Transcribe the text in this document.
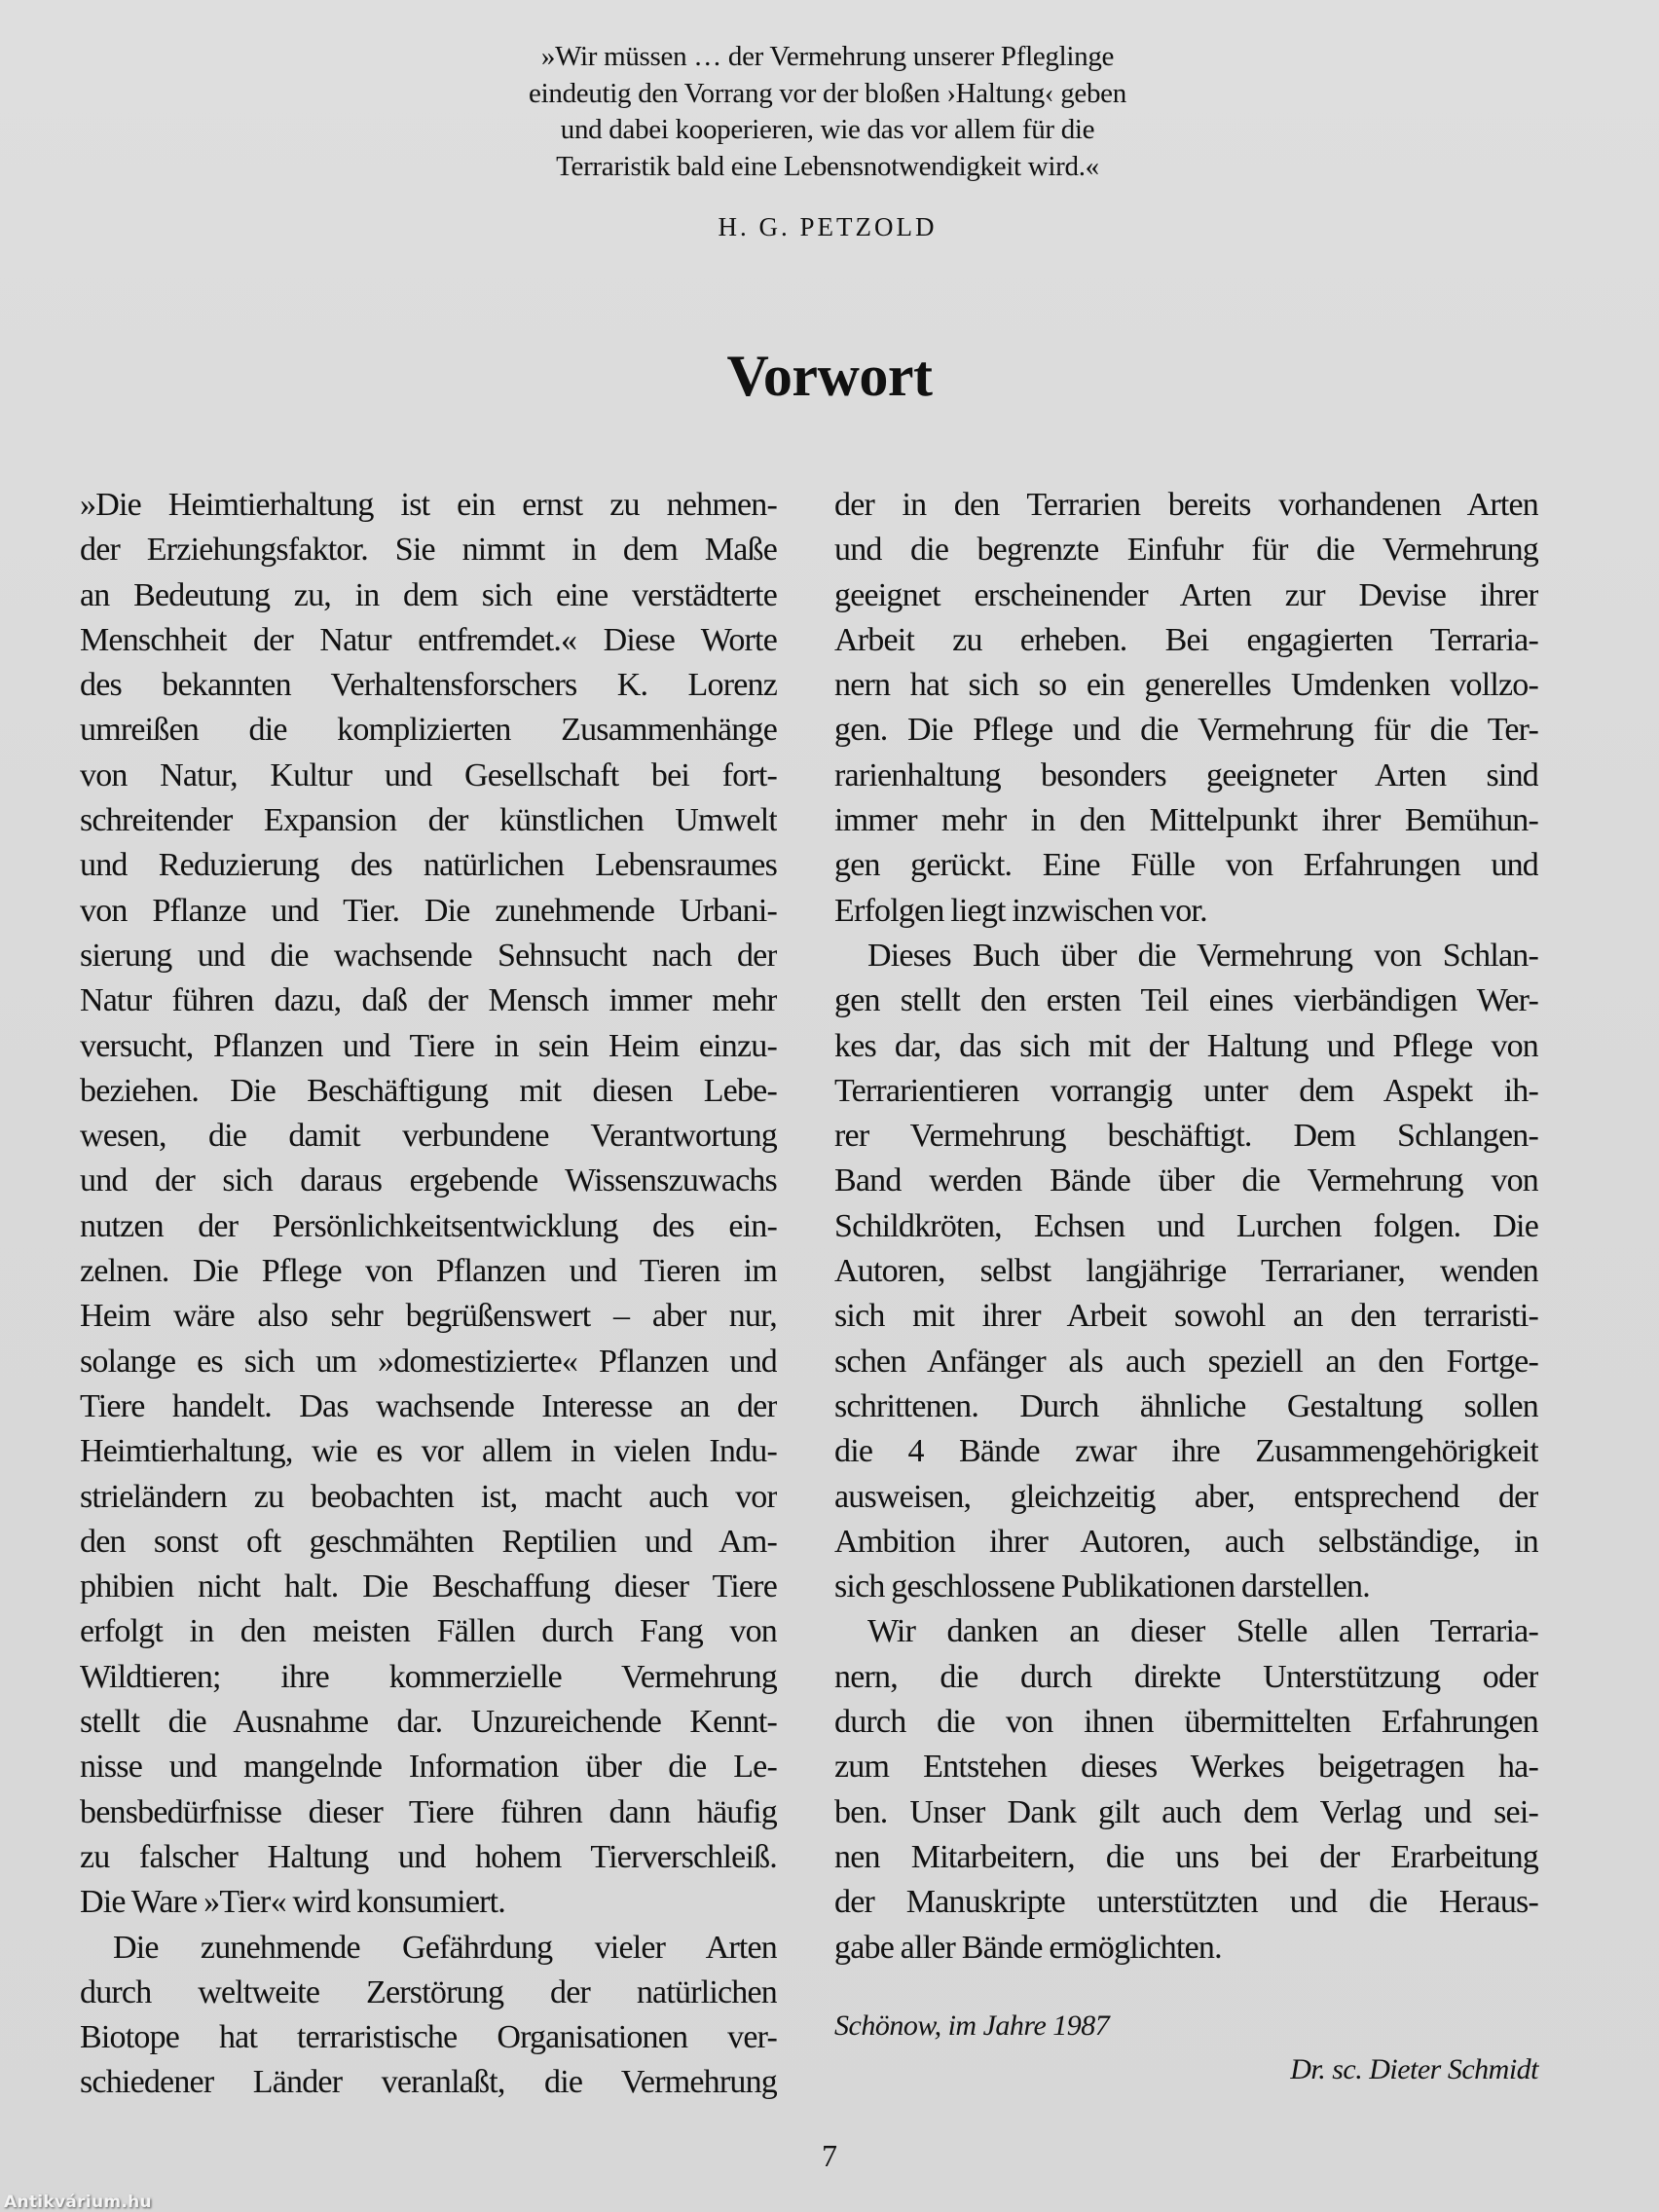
»Wir müssen … der Vermehrung unserer Pfleglinge
eindeutig den Vorrang vor der bloßen ›Haltung‹ geben
und dabei kooperieren, wie das vor allem für die
Terraristik bald eine Lebensnotwendigkeit wird.«
H. G. PETZOLD
Vorwort
»Die Heimtierhaltung ist ein ernst zu nehmen-
der Erziehungsfaktor. Sie nimmt in dem Maße
an Bedeutung zu, in dem sich eine verstädterte
Menschheit der Natur entfremdet.« Diese Worte
des bekannten Verhaltensforschers K. Lorenz
umreißen die komplizierten Zusammenhänge
von Natur, Kultur und Gesellschaft bei fort-
schreitender Expansion der künstlichen Umwelt
und Reduzierung des natürlichen Lebensraumes
von Pflanze und Tier. Die zunehmende Urbani-
sierung und die wachsende Sehnsucht nach der
Natur führen dazu, daß der Mensch immer mehr
versucht, Pflanzen und Tiere in sein Heim einzu-
beziehen. Die Beschäftigung mit diesen Lebe-
wesen, die damit verbundene Verantwortung
und der sich daraus ergebende Wissenszuwachs
nutzen der Persönlichkeitsentwicklung des ein-
zelnen. Die Pflege von Pflanzen und Tieren im
Heim wäre also sehr begrüßenswert – aber nur,
solange es sich um »domestizierte« Pflanzen und
Tiere handelt. Das wachsende Interesse an der
Heimtierhaltung, wie es vor allem in vielen Indu-
strieländern zu beobachten ist, macht auch vor
den sonst oft geschmähten Reptilien und Am-
phibien nicht halt. Die Beschaffung dieser Tiere
erfolgt in den meisten Fällen durch Fang von
Wildtieren; ihre kommerzielle Vermehrung
stellt die Ausnahme dar. Unzureichende Kennt-
nisse und mangelnde Information über die Le-
bensbedürfnisse dieser Tiere führen dann häufig
zu falscher Haltung und hohem Tierverschleiß.
Die Ware »Tier« wird konsumiert.
Die zunehmende Gefährdung vieler Arten
durch weltweite Zerstörung der natürlichen
Biotope hat terraristische Organisationen ver-
schiedener Länder veranlaßt, die Vermehrung
der in den Terrarien bereits vorhandenen Arten
und die begrenzte Einfuhr für die Vermehrung
geeignet erscheinender Arten zur Devise ihrer
Arbeit zu erheben. Bei engagierten Terraria-
nern hat sich so ein generelles Umdenken vollzo-
gen. Die Pflege und die Vermehrung für die Ter-
rarienhaltung besonders geeigneter Arten sind
immer mehr in den Mittelpunkt ihrer Bemühun-
gen gerückt. Eine Fülle von Erfahrungen und
Erfolgen liegt inzwischen vor.
Dieses Buch über die Vermehrung von Schlan-
gen stellt den ersten Teil eines vierbändigen Wer-
kes dar, das sich mit der Haltung und Pflege von
Terrarientieren vorrangig unter dem Aspekt ih-
rer Vermehrung beschäftigt. Dem Schlangen-
Band werden Bände über die Vermehrung von
Schildkröten, Echsen und Lurchen folgen. Die
Autoren, selbst langjährige Terrarianer, wenden
sich mit ihrer Arbeit sowohl an den terraristi-
schen Anfänger als auch speziell an den Fortge-
schrittenen. Durch ähnliche Gestaltung sollen
die 4 Bände zwar ihre Zusammengehörigkeit
ausweisen, gleichzeitig aber, entsprechend der
Ambition ihrer Autoren, auch selbständige, in
sich geschlossene Publikationen darstellen.
Wir danken an dieser Stelle allen Terraria-
nern, die durch direkte Unterstützung oder
durch die von ihnen übermittelten Erfahrungen
zum Entstehen dieses Werkes beigetragen ha-
ben. Unser Dank gilt auch dem Verlag und sei-
nen Mitarbeitern, die uns bei der Erarbeitung
der Manuskripte unterstützten und die Heraus-
gabe aller Bände ermöglichten.
Schönow, im Jahre 1987
Dr. sc. Dieter Schmidt
7
Antikvárium.hu
